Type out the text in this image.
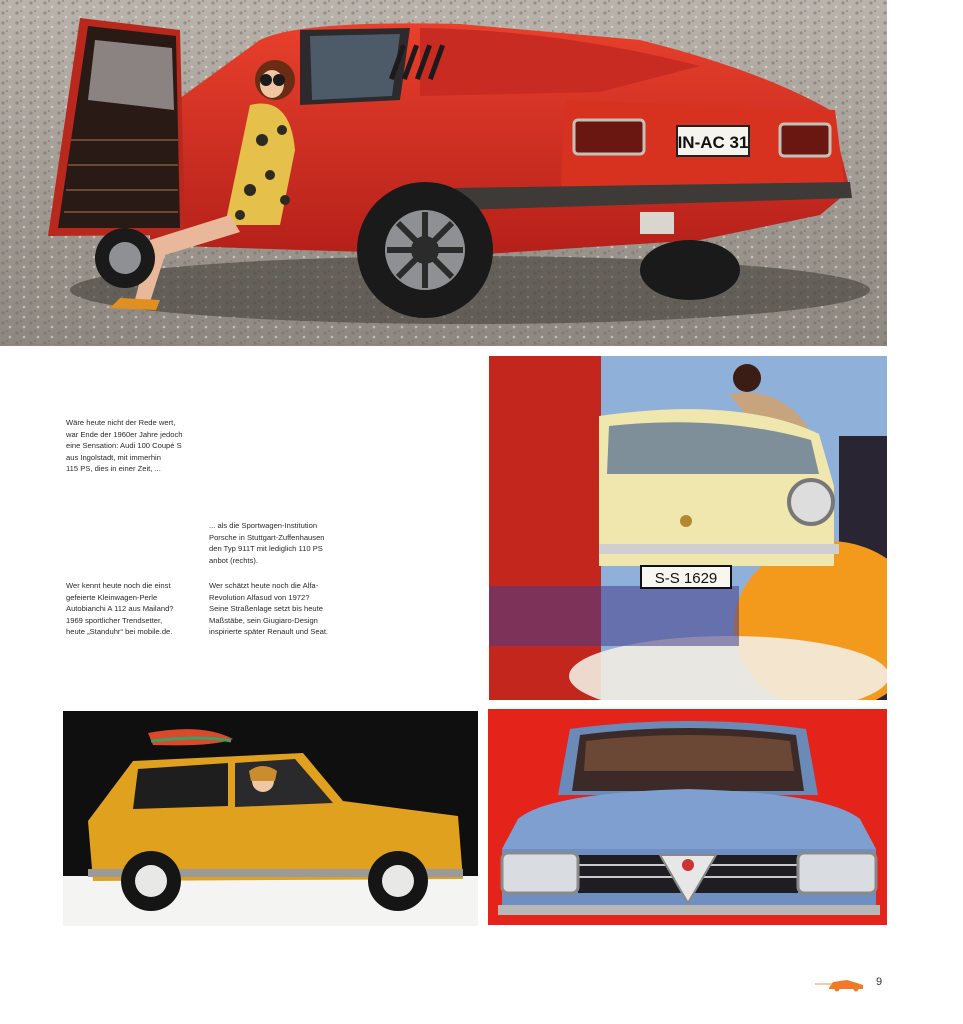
IN-AC 31
S-S 1629

Wäre heute nicht der Rede wert,
war Ende der 1960er Jahre jedoch
eine Sensation: Audi 100 Coupé S
aus Ingolstadt, mit immerhin
115 PS, dies in einer Zeit, ...

... als die Sportwagen-Institution
Porsche in Stuttgart-Zuffenhausen
den Typ 911T mit lediglich 110 PS
anbot (rechts).

Wer kennt heute noch die einst
gefeierte Kleinwagen-Perle
Autobianchi A 112 aus Mailand?
1969 sportlicher Trendsetter,
heute „Standuhr“ bei mobile.de.

Wer schätzt heute noch die Alfa-
Revolution Alfasud von 1972?
Seine Straßenlage setzt bis heute
Maßstäbe, sein Giugiaro-Design
inspirierte später Renault und Seat.

9
